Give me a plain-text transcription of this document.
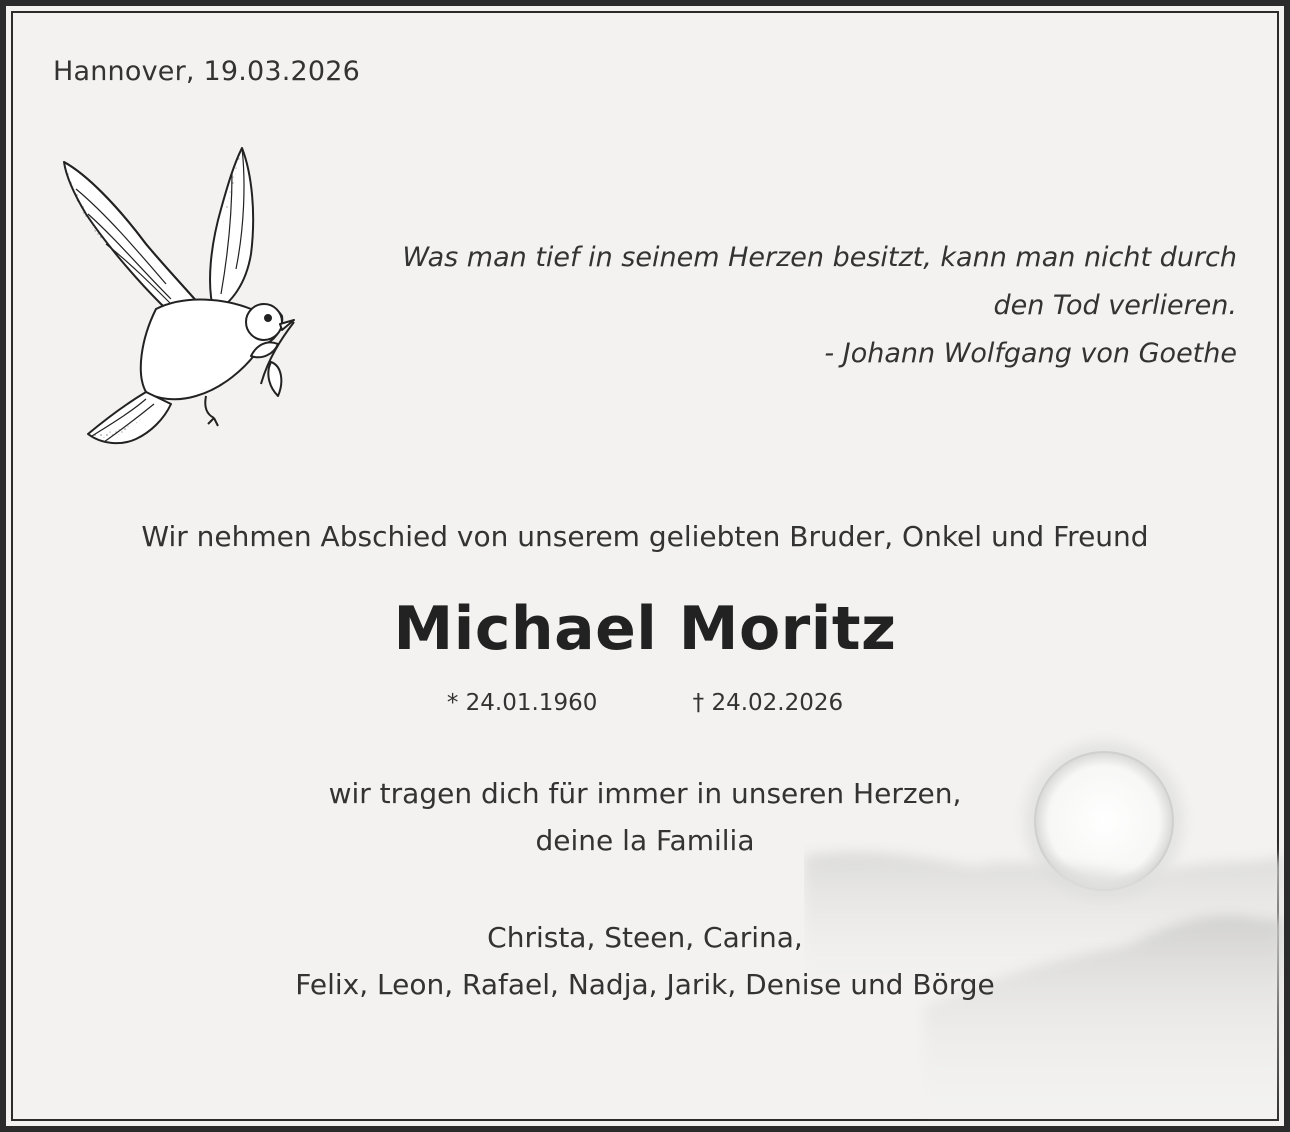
Hannover, 19.03.2026
Was man tief in seinem Herzen besitzt, kann man nicht durch
den Tod verlieren.
- Johann Wolfgang von Goethe
Wir nehmen Abschied von unserem geliebten Bruder, Onkel und Freund
Michael Moritz
* 24.01.1960	† 24.02.2026
wir tragen dich für immer in unseren Herzen,
deine la Familia
Christa, Steen, Carina,
Felix, Leon, Rafael, Nadja, Jarik, Denise und Börge
